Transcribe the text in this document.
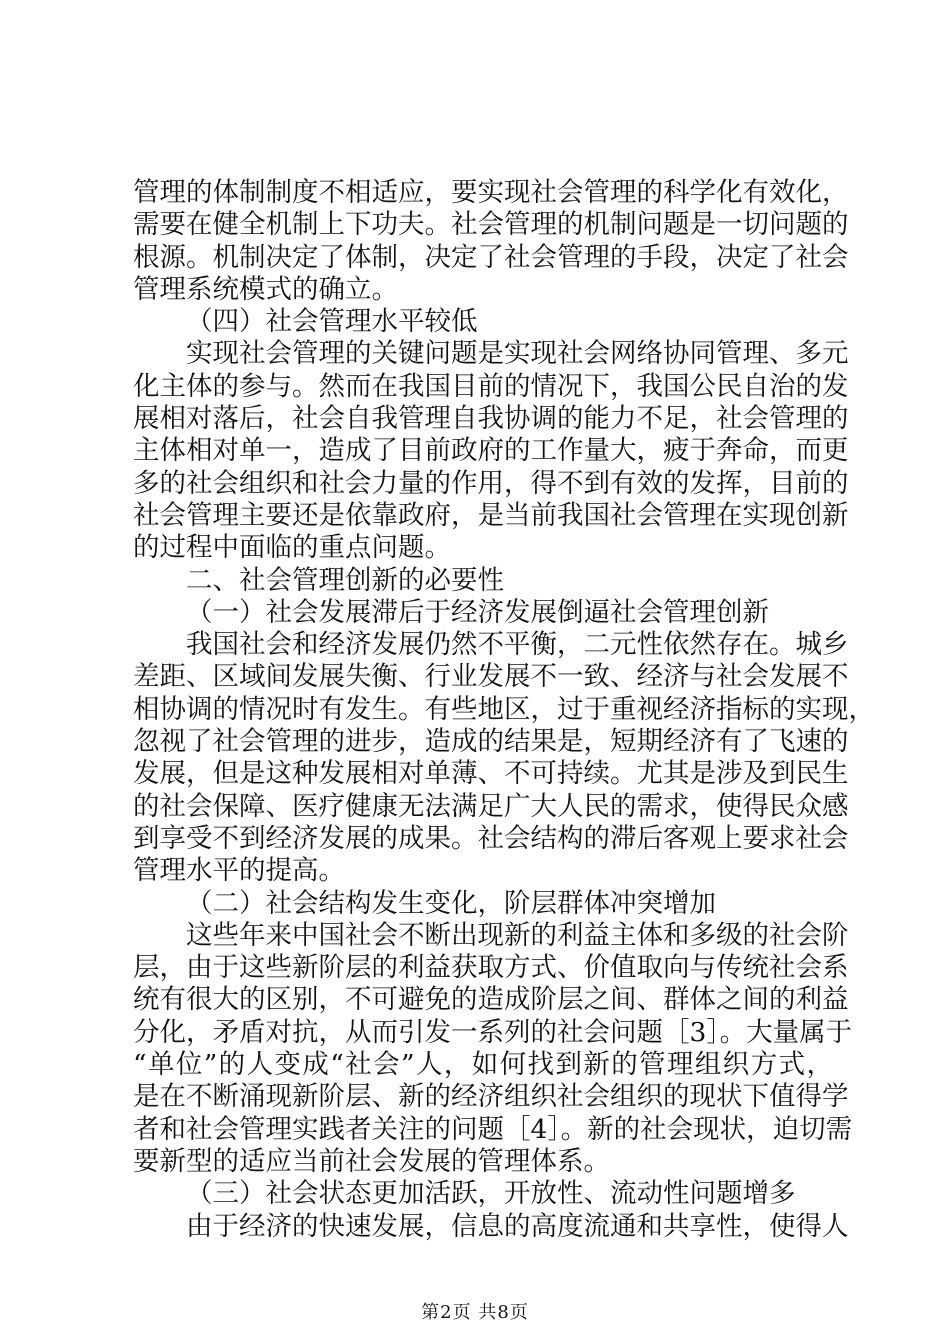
管理的体制制度不相适应，要实现社会管理的科学化有效化，
需要在健全机制上下功夫。社会管理的机制问题是一切问题的
根源。机制决定了体制，决定了社会管理的手段，决定了社会
管理系统模式的确立。
（四）社会管理水平较低
实现社会管理的关键问题是实现社会网络协同管理、多元
化主体的参与。然而在我国目前的情况下，我国公民自治的发
展相对落后，社会自我管理自我协调的能力不足，社会管理的
主体相对单一，造成了目前政府的工作量大，疲于奔命，而更
多的社会组织和社会力量的作用，得不到有效的发挥，目前的
社会管理主要还是依靠政府，是当前我国社会管理在实现创新
的过程中面临的重点问题。
二、社会管理创新的必要性
（一）社会发展滞后于经济发展倒逼社会管理创新
我国社会和经济发展仍然不平衡，二元性依然存在。城乡
差距、区域间发展失衡、行业发展不一致、经济与社会发展不
相协调的情况时有发生。有些地区，过于重视经济指标的实现，
忽视了社会管理的进步，造成的结果是，短期经济有了飞速的
发展，但是这种发展相对单薄、不可持续。尤其是涉及到民生
的社会保障、医疗健康无法满足广大人民的需求，使得民众感
到享受不到经济发展的成果。社会结构的滞后客观上要求社会
管理水平的提高。
（二）社会结构发生变化，阶层群体冲突增加
这些年来中国社会不断出现新的利益主体和多级的社会阶
层，由于这些新阶层的利益获取方式、价值取向与传统社会系
统有很大的区别，不可避免的造成阶层之间、群体之间的利益
分化，矛盾对抗，从而引发一系列的社会问题［3］。大量属于
“单位”的人变成“社会”人，如何找到新的管理组织方式，
是在不断涌现新阶层、新的经济组织社会组织的现状下值得学
者和社会管理实践者关注的问题［4］。新的社会现状，迫切需
要新型的适应当前社会发展的管理体系。
（三）社会状态更加活跃，开放性、流动性问题增多
由于经济的快速发展，信息的高度流通和共享性，使得人
第2页 共8页
